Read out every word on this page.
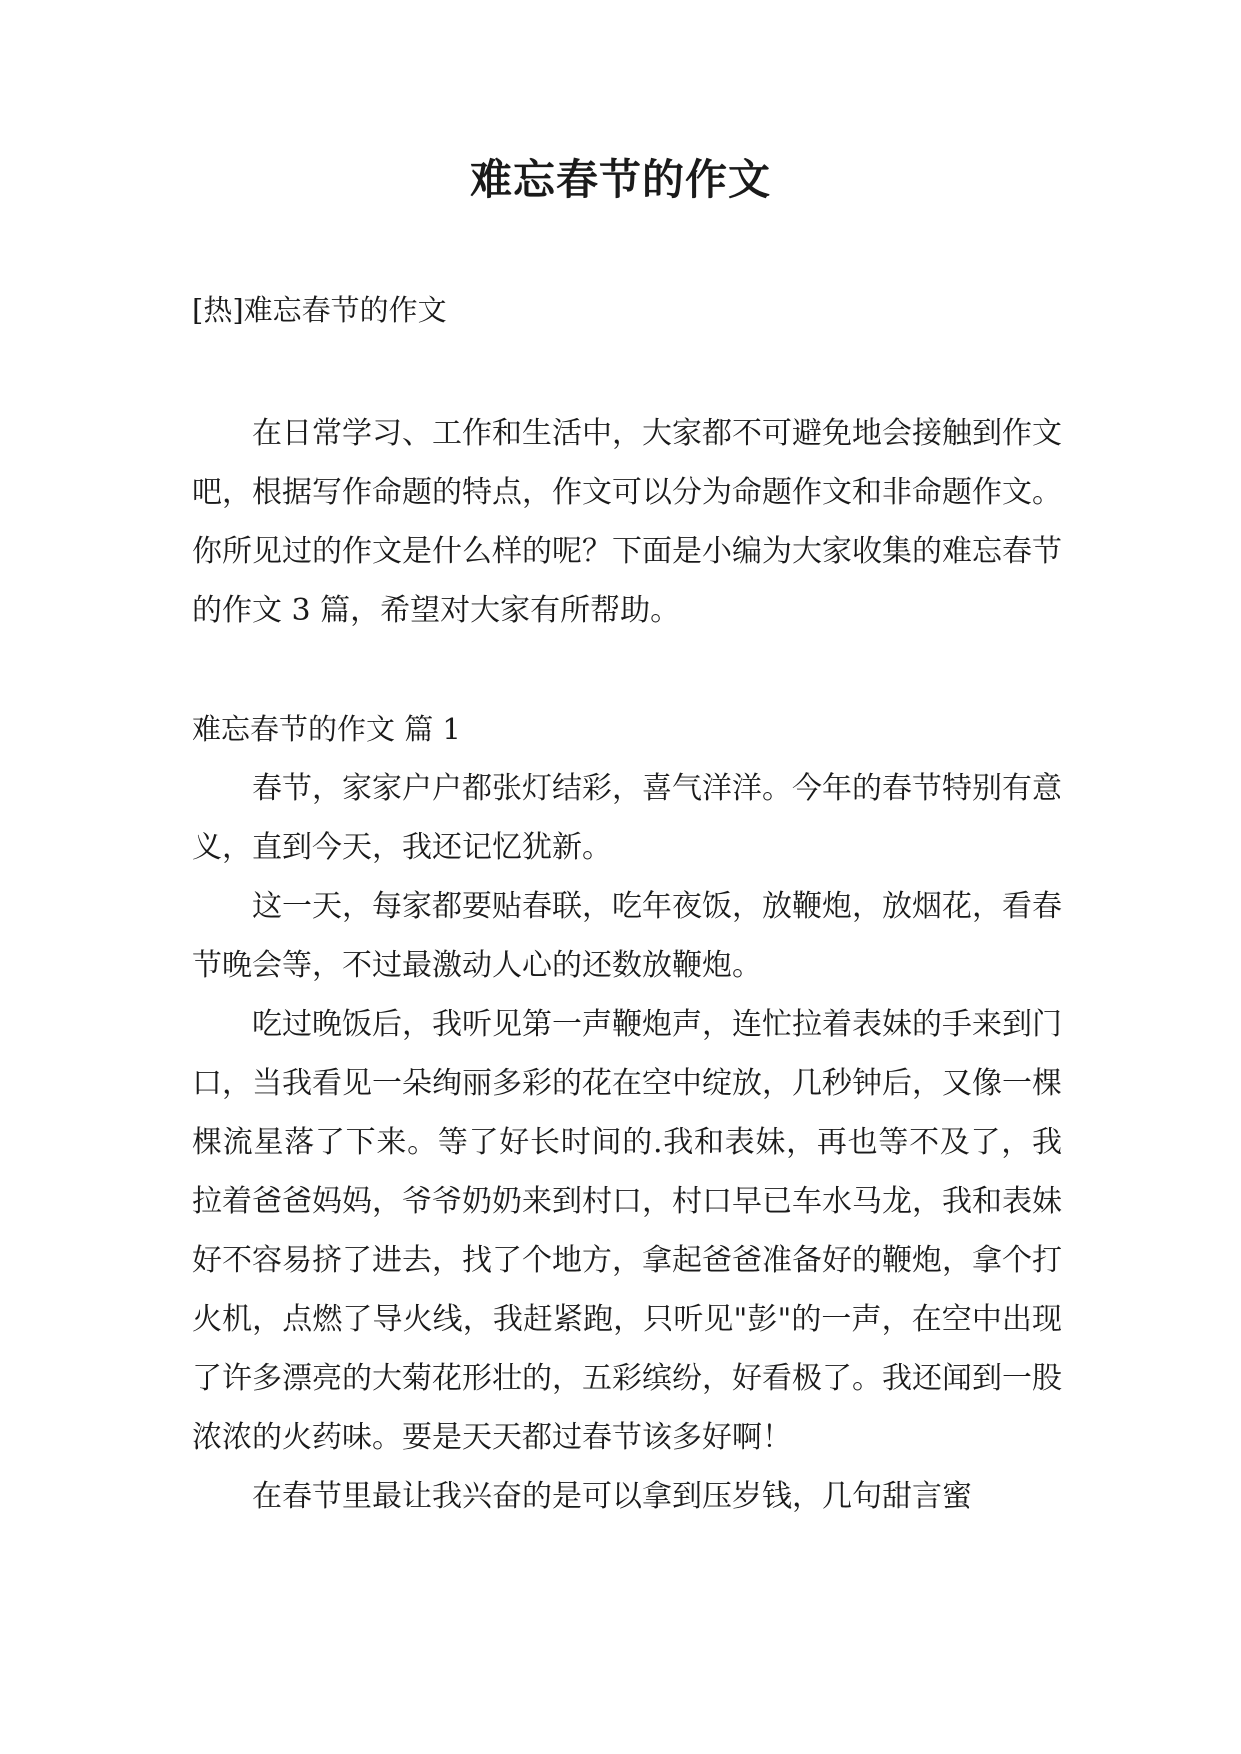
难忘春节的作文

[热]难忘春节的作文

在日常学习、工作和生活中，大家都不可避免地会接触到作文吧，根据写作命题的特点，作文可以分为命题作文和非命题作文。你所见过的作文是什么样的呢？下面是小编为大家收集的难忘春节的作文 3 篇，希望对大家有所帮助。

难忘春节的作文 篇 1

春节，家家户户都张灯结彩，喜气洋洋。今年的春节特别有意义，直到今天，我还记忆犹新。

这一天，每家都要贴春联，吃年夜饭，放鞭炮，放烟花，看春节晚会等，不过最激动人心的还数放鞭炮。

吃过晚饭后，我听见第一声鞭炮声，连忙拉着表妹的手来到门口，当我看见一朵绚丽多彩的花在空中绽放，几秒钟后，又像一棵棵流星落了下来。等了好长时间的.我和表妹，再也等不及了，我拉着爸爸妈妈，爷爷奶奶来到村口，村口早已车水马龙，我和表妹好不容易挤了进去，找了个地方，拿起爸爸准备好的鞭炮，拿个打火机，点燃了导火线，我赶紧跑，只听见"彭"的一声，在空中出现了许多漂亮的大菊花形壮的，五彩缤纷，好看极了。我还闻到一股浓浓的火药味。要是天天都过春节该多好啊！

在春节里最让我兴奋的是可以拿到压岁钱，几句甜言蜜
